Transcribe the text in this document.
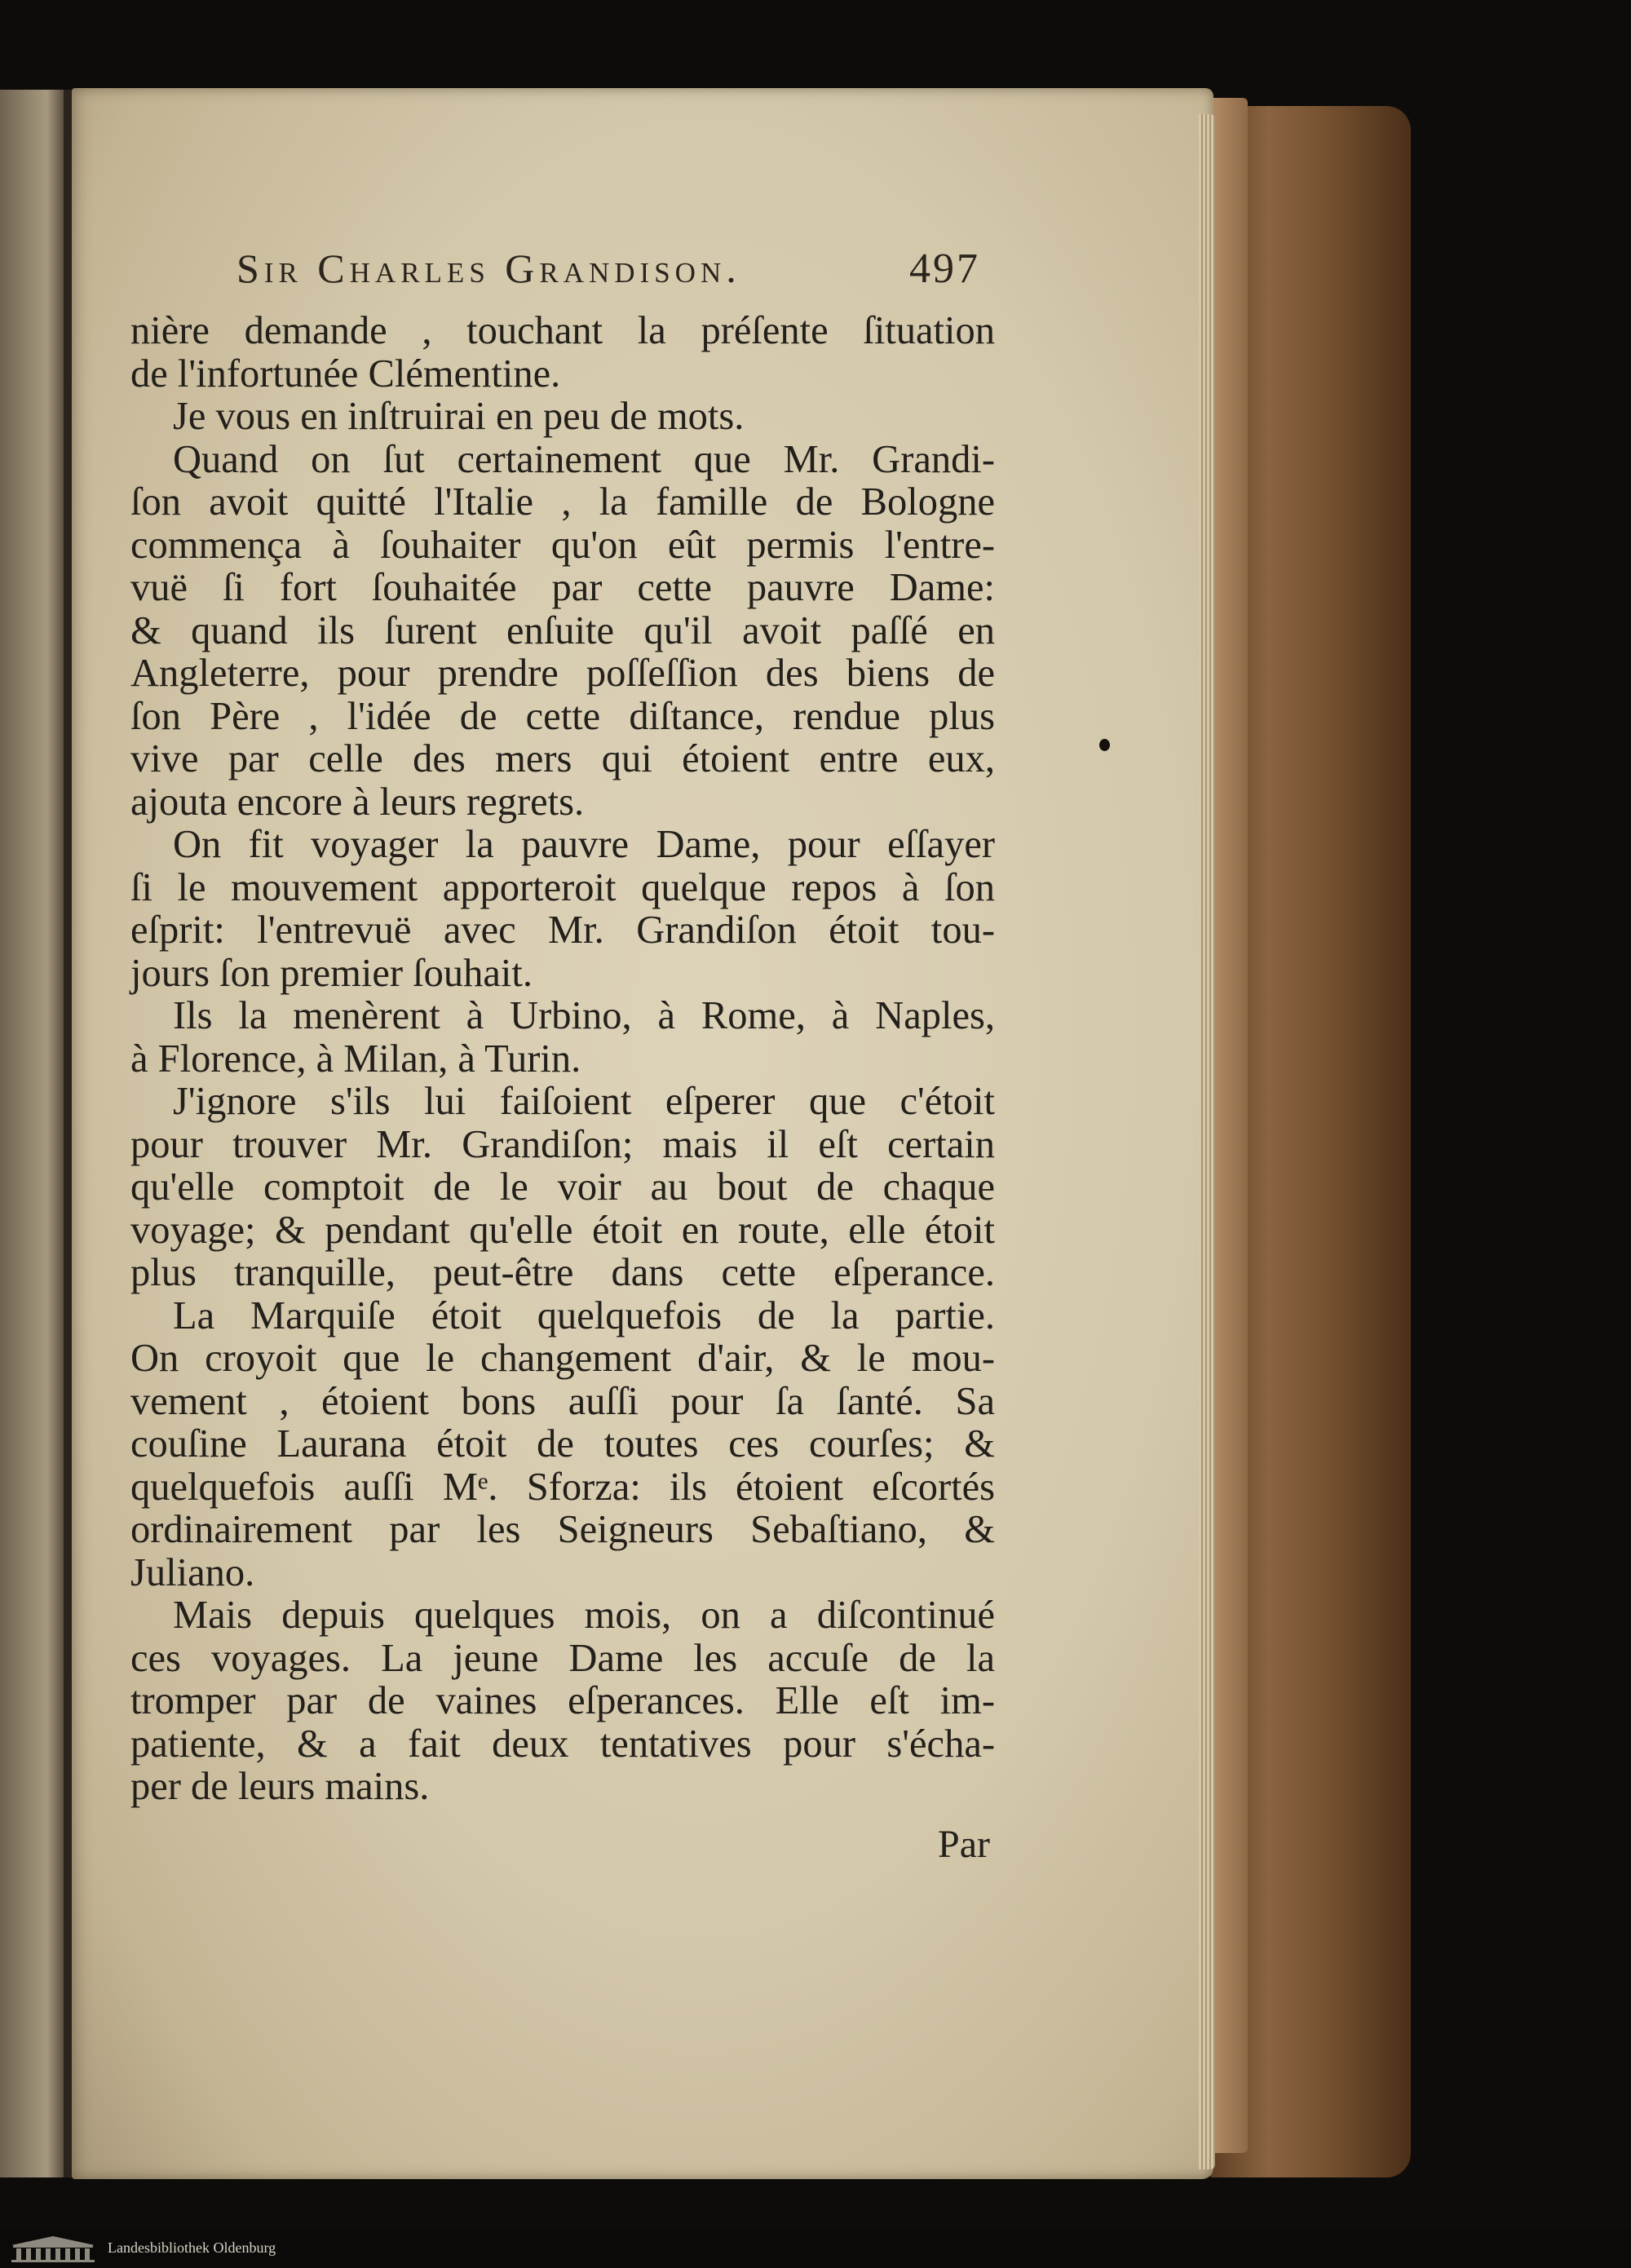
Sir Charles Grandison.	497
nière demande , touchant la préſente ſituation
de l'infortunée Clémentine.
Je vous en inſtruirai en peu de mots.
Quand on ſut certainement que Mr. Grandi-
ſon avoit quitté l'Italie , la famille de Bologne
commença à ſouhaiter qu'on eût permis l'entre-
vuë ſi fort ſouhaitée par cette pauvre Dame:
& quand ils ſurent enſuite qu'il avoit paſſé en
Angleterre, pour prendre poſſeſſion des biens de
ſon Père , l'idée de cette diſtance, rendue plus
vive par celle des mers qui étoient entre eux,
ajouta encore à leurs regrets.
On fit voyager la pauvre Dame, pour eſſayer
ſi le mouvement apporteroit quelque repos à ſon
eſprit: l'entrevuë avec Mr. Grandiſon étoit tou-
jours ſon premier ſouhait.
Ils la menèrent à Urbino, à Rome, à Naples,
à Florence, à Milan, à Turin.
J'ignore s'ils lui faiſoient eſperer que c'étoit
pour trouver Mr. Grandiſon; mais il eſt certain
qu'elle comptoit de le voir au bout de chaque
voyage; & pendant qu'elle étoit en route, elle étoit
plus tranquille, peut-être dans cette eſperance.
La Marquiſe étoit quelquefois de la partie.
On croyoit que le changement d'air, & le mou-
vement , étoient bons auſſi pour ſa ſanté. Sa
couſine Laurana étoit de toutes ces courſes; &
quelquefois auſſi Mᵉ. Sforza: ils étoient eſcortés
ordinairement par les Seigneurs Sebaſtiano, &
Juliano.
Mais depuis quelques mois, on a diſcontinué
ces voyages. La jeune Dame les accuſe de la
tromper par de vaines eſperances. Elle eſt im-
patiente, & a fait deux tentatives pour s'écha-
per de leurs mains.
Par
Landesbibliothek Oldenburg
